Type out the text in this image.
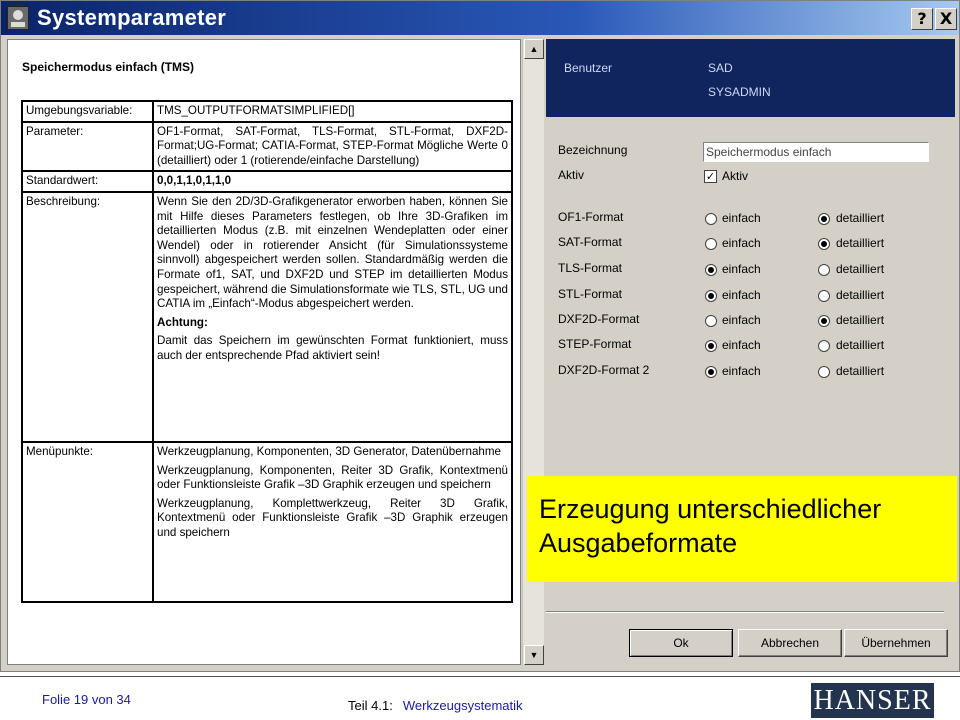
Systemparameter	? X
Speichermodus einfach (TMS)
Umgebungsvariable:	TMS_OUTPUTFORMATSIMPLIFIED[]
Parameter:	OF1-Format, SAT-Format, TLS-Format, STL-Format, DXF2D-Format;UG-Format; CATIA-Format, STEP-Format Mögliche Werte 0 (detailliert) oder 1 (rotierende/einfache Darstellung)
Standardwert:	0,0,1,1,0,1,1,0
Beschreibung:	Wenn Sie den 2D/3D-Grafikgenerator erworben haben, können Sie mit Hilfe dieses Parameters festlegen, ob Ihre 3D-Grafiken im detaillierten Modus (z.B. mit einzelnen Wendeplatten oder einer Wendel) oder in rotierender Ansicht (für Simulationssysteme sinnvoll) abgespeichert werden sollen. Standardmäßig werden die Formate of1, SAT, und DXF2D und STEP im detaillierten Modus gespeichert, während die Simulationsformate wie TLS, STL, UG und CATIA im „Einfach“-Modus abgespeichert werden.
Achtung:
Damit das Speichern im gewünschten Format funktioniert, muss auch der entsprechende Pfad aktiviert sein!

Menüpunkte:	Werkzeugplanung, Komponenten, 3D Generator, Datenübernahme
Werkzeugplanung, Komponenten, Reiter 3D Grafik, Kontextmenü oder Funktionsleiste Grafik –3D Graphik erzeugen und speichern
Werkzeugplanung, Komplettwerkzeug, Reiter 3D Grafik, Kontextmenü oder Funktionsleiste Grafik –3D Graphik erzeugen und speichern
▲
▼
Benutzer	SAD
SYSADMIN
Bezeichnung	Speichermodus einfach
Aktiv	✓ Aktiv
OF1-Format	einfach	detailliert
SAT-Format	einfach	detailliert
TLS-Format	einfach	detailliert
STL-Format	einfach	detailliert
DXF2D-Format	einfach	detailliert
STEP-Format	einfach	detailliert
DXF2D-Format 2	einfach	detailliert
Ok	Abbrechen	Übernehmen
Erzeugung unterschiedlicher
Ausgabeformate
Folie 19 von 34	Teil 4.1: Werkzeugsystematik	HANSER
